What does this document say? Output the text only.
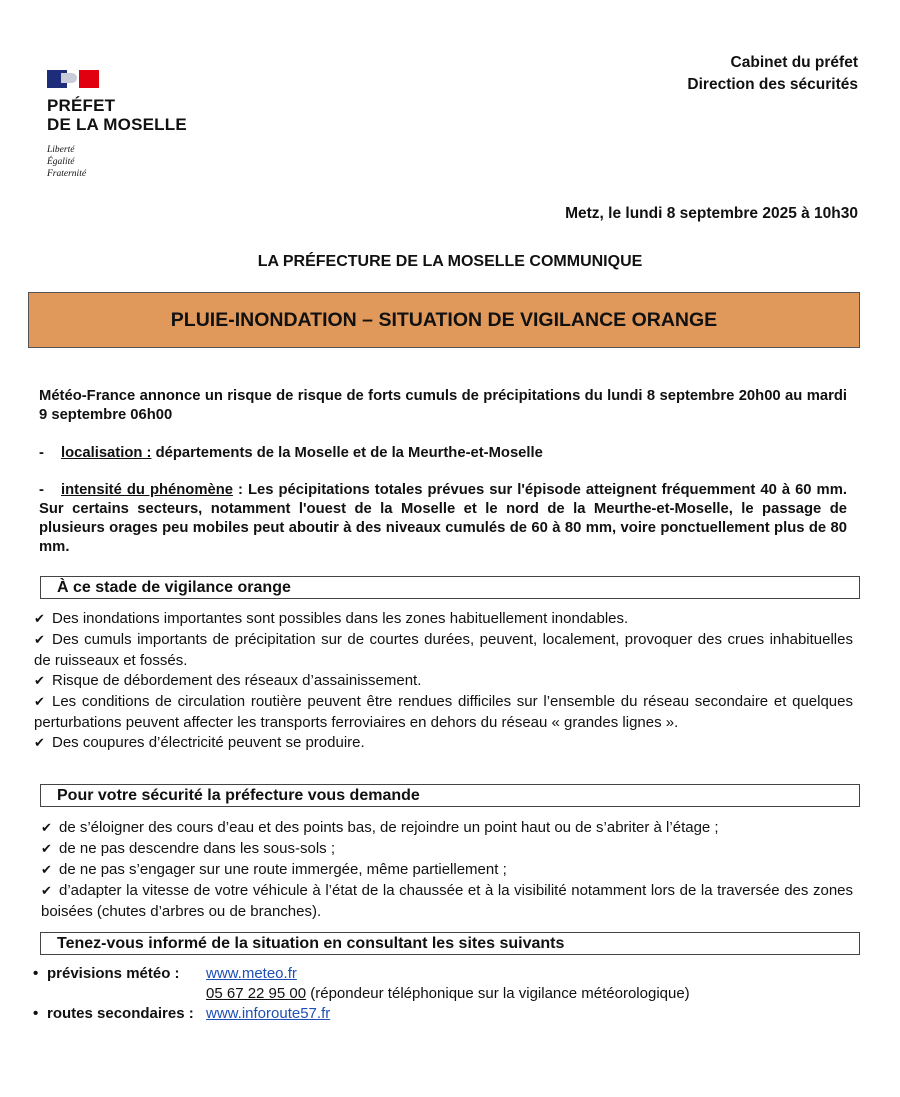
PRÉFET
DE LA MOSELLE
Liberté
Égalité
Fraternité
Cabinet du préfet
Direction des sécurités
Metz, le lundi 8 septembre 2025 à 10h30
LA PRÉFECTURE DE LA MOSELLE COMMUNIQUE
PLUIE-INONDATION – SITUATION DE VIGILANCE ORANGE

Météo-France annonce un risque de risque de forts cumuls de précipitations du lundi 8 septembre 20h00 au mardi 9 septembre 06h00

- localisation : départements de la Moselle et de la Meurthe-et-Moselle

- intensité du phénomène : Les pécipitations totales prévues sur l'épisode atteignent fréquemment 40 à 60 mm. Sur certains secteurs, notamment l'ouest de la Moselle et le nord de la Meurthe-et-Moselle, le passage de plusieurs orages peu mobiles peut aboutir à des niveaux cumulés de 60 à 80 mm, voire ponctuellement plus de 80 mm.

À ce stade de vigilance orange

✔ Des inondations importantes sont possibles dans les zones habituellement inondables.

✔ Des cumuls importants de précipitation sur de courtes durées, peuvent, localement, provoquer des crues inhabituelles de ruisseaux et fossés.

✔ Risque de débordement des réseaux d’assainissement.

✔ Les conditions de circulation routière peuvent être rendues difficiles sur l’ensemble du réseau secondaire et quelques perturbations peuvent affecter les transports ferroviaires en dehors du réseau « grandes lignes ».

✔ Des coupures d’électricité peuvent se produire.

Pour votre sécurité la préfecture vous demande

✔ de s’éloigner des cours d’eau et des points bas, de rejoindre un point haut ou de s’abriter à l’étage ;

✔ de ne pas descendre dans les sous-sols ;

✔ de ne pas s’engager sur une route immergée, même partiellement ;

✔ d’adapter la vitesse de votre véhicule à l’état de la chaussée et à la visibilité notamment lors de la traversée des zones boisées (chutes d’arbres ou de branches).

Tenez-vous informé de la situation en consultant les sites suivants
• prévisions météo : www.meteo.fr
05 67 22 95 00 (répondeur téléphonique sur la vigilance météorologique)
• routes secondaires : www.inforoute57.fr
